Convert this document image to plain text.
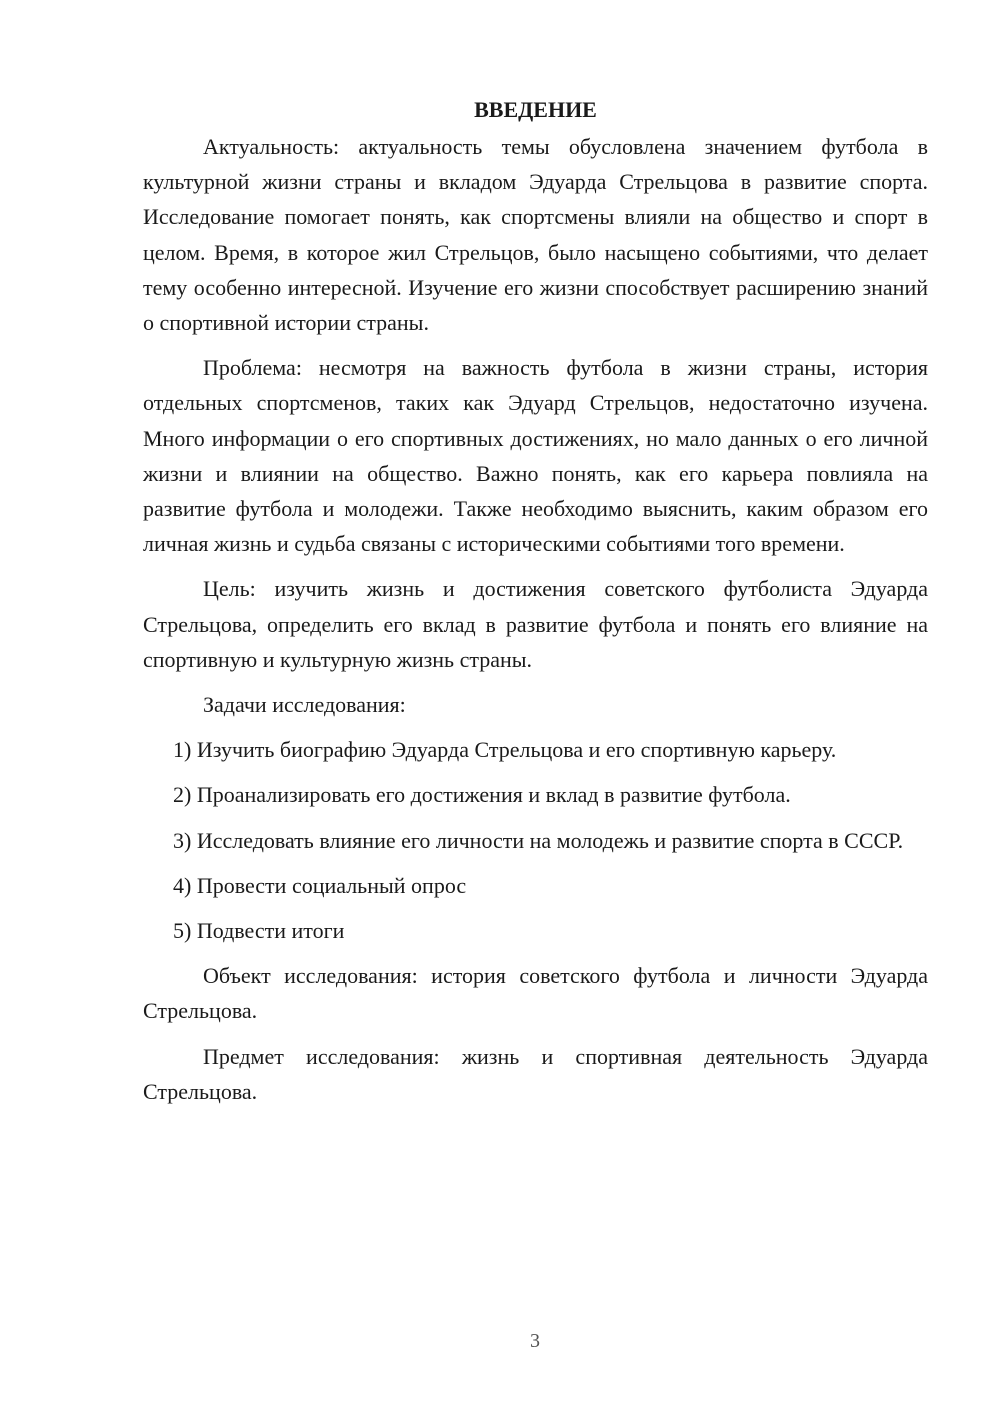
ВВЕДЕНИЕ

Актуальность: актуальность темы обусловлена значением футбола в культурной жизни страны и вкладом Эдуарда Стрельцова в развитие спорта. Исследование помогает понять, как спортсмены влияли на общество и спорт в целом. Время, в которое жил Стрельцов, было насыщено событиями, что делает тему особенно интересной. Изучение его жизни способствует расширению знаний о спортивной истории страны.

Проблема: несмотря на важность футбола в жизни страны, история отдельных спортсменов, таких как Эдуард Стрельцов, недостаточно изучена. Много информации о его спортивных достижениях, но мало данных о его личной жизни и влиянии на общество. Важно понять, как его карьера повлияла на развитие футбола и молодежи. Также необходимо выяснить, каким образом его личная жизнь и судьба связаны с историческими событиями того времени.

Цель: изучить жизнь и достижения советского футболиста Эдуарда Стрельцова, определить его вклад в развитие футбола и понять его влияние на спортивную и культурную жизнь страны.

Задачи исследования:

1) Изучить биографию Эдуарда Стрельцова и его спортивную карьеру.

2) Проанализировать его достижения и вклад в развитие футбола.

3) Исследовать влияние его личности на молодежь и развитие спорта в СССР.

4) Провести социальный опрос

5) Подвести итоги

Объект исследования: история советского футбола и личности Эдуарда Стрельцова.

Предмет исследования: жизнь и спортивная деятельность Эдуарда Стрельцова.

3
